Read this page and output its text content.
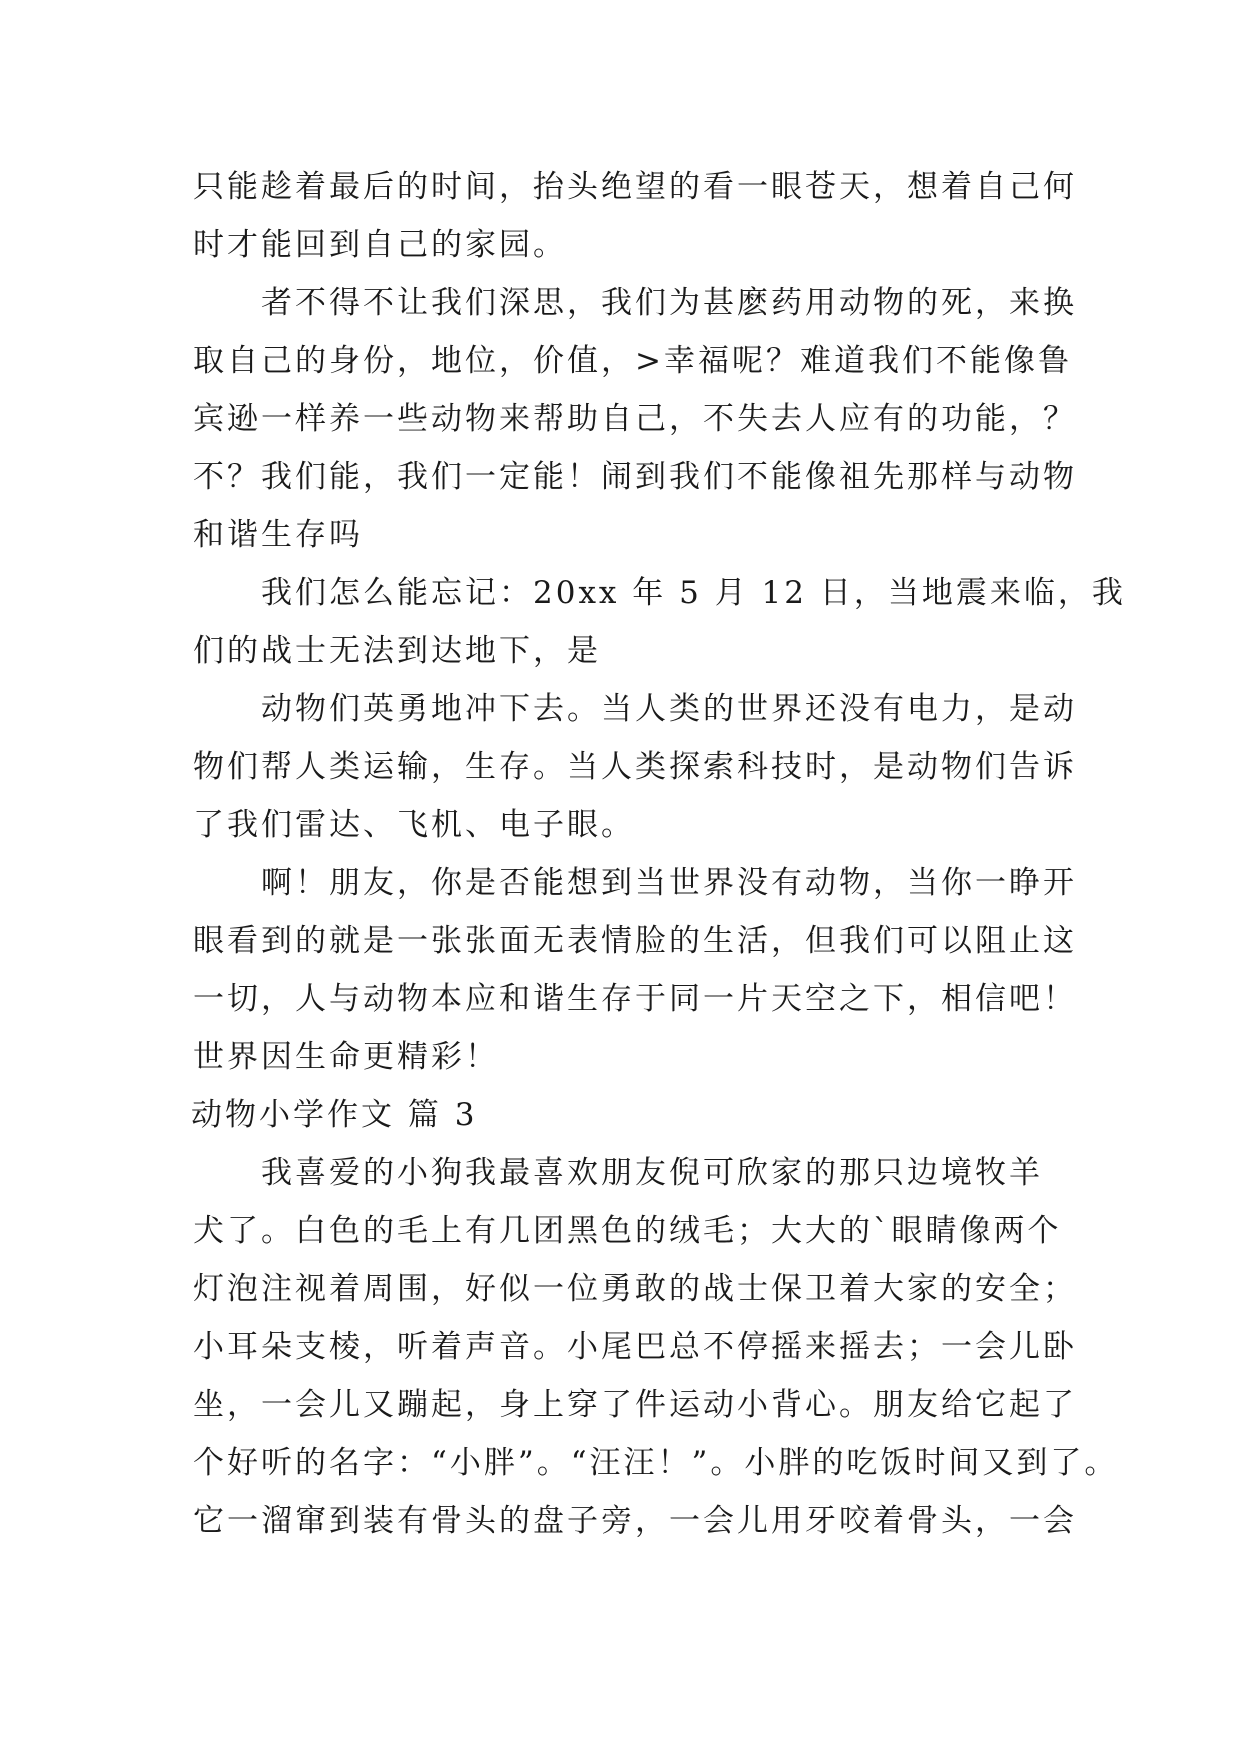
只能趁着最后的时间，抬头绝望的看一眼苍天，想着自己何
时才能回到自己的家园。
　　者不得不让我们深思，我们为甚麽药用动物的死，来换
取自己的身份，地位，价值，>幸福呢？难道我们不能像鲁
宾逊一样养一些动物来帮助自己，不失去人应有的功能，？
不？我们能，我们一定能！闹到我们不能像祖先那样与动物
和谐生存吗
　　我们怎么能忘记：20xx 年 5 月 12 日，当地震来临，我
们的战士无法到达地下，是
　　动物们英勇地冲下去。当人类的世界还没有电力，是动
物们帮人类运输，生存。当人类探索科技时，是动物们告诉
了我们雷达、飞机、电子眼。
　　啊！朋友，你是否能想到当世界没有动物，当你一睁开
眼看到的就是一张张面无表情脸的生活，但我们可以阻止这
一切，人与动物本应和谐生存于同一片天空之下，相信吧！
世界因生命更精彩！
动物小学作文 篇 3
　　我喜爱的小狗我最喜欢朋友倪可欣家的那只边境牧羊
犬了。白色的毛上有几团黑色的绒毛；大大的`眼睛像两个
灯泡注视着周围，好似一位勇敢的战士保卫着大家的安全；
小耳朵支棱，听着声音。小尾巴总不停摇来摇去；一会儿卧
坐，一会儿又蹦起，身上穿了件运动小背心。朋友给它起了
个好听的名字：“小胖”。“汪汪！”。小胖的吃饭时间又到了。
它一溜窜到装有骨头的盘子旁，一会儿用牙咬着骨头，一会
